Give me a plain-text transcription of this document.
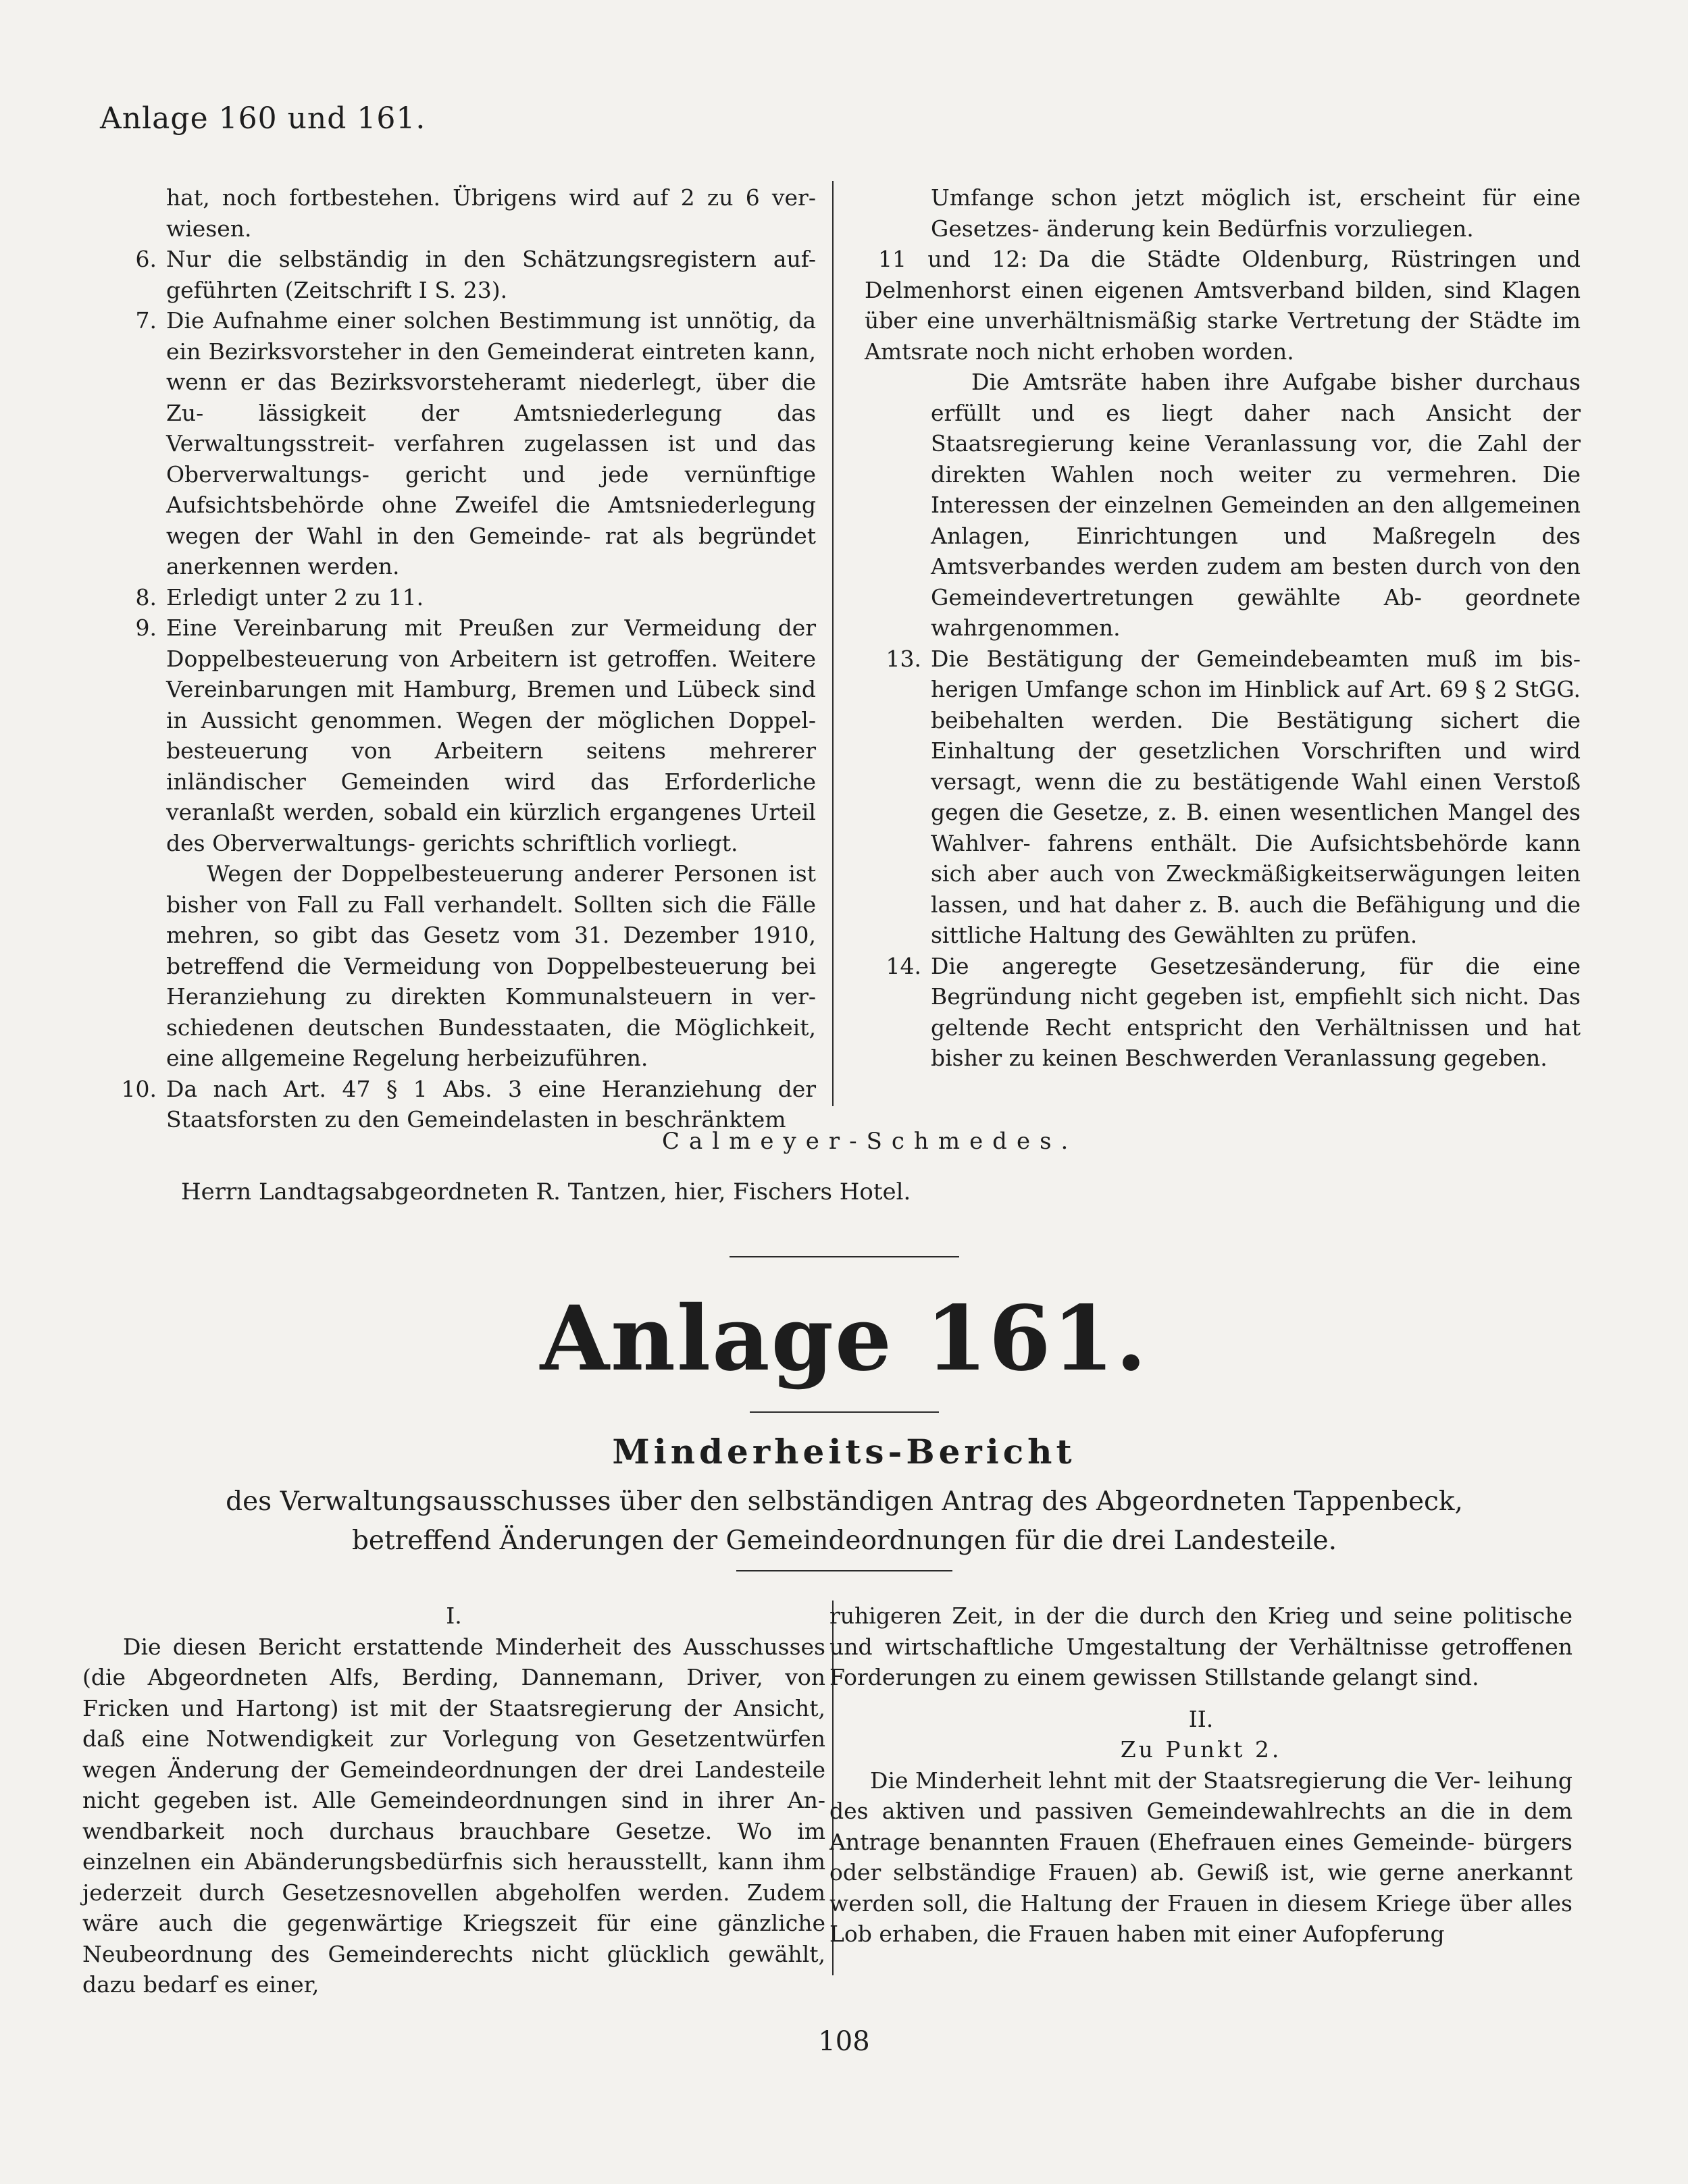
Anlage 160 und 161.
hat, noch fortbestehen. Übrigens wird auf 2 zu 6 ver- wiesen.
6. Nur die selbständig in den Schätzungsregistern auf- geführten (Zeitschrift I S. 23).
7. Die Aufnahme einer solchen Bestimmung ist unnötig, da ein Bezirksvorsteher in den Gemeinderat eintreten kann, wenn er das Bezirksvorsteheramt niederlegt, über die Zu- lässigkeit der Amtsniederlegung das Verwaltungsstreit- verfahren zugelassen ist und das Oberverwaltungs- gericht und jede vernünftige Aufsichtsbehörde ohne Zweifel die Amtsniederlegung wegen der Wahl in den Gemeinde- rat als begründet anerkennen werden.
8. Erledigt unter 2 zu 11.
9. Eine Vereinbarung mit Preußen zur Vermeidung der Doppelbesteuerung von Arbeitern ist getroffen. Weitere Vereinbarungen mit Hamburg, Bremen und Lübeck sind in Aussicht genommen. Wegen der möglichen Doppel- besteuerung von Arbeitern seitens mehrerer inländischer Gemeinden wird das Erforderliche veranlaßt werden, sobald ein kürzlich ergangenes Urteil des Oberverwaltungs- gerichts schriftlich vorliegt.
Wegen der Doppelbesteuerung anderer Personen ist bisher von Fall zu Fall verhandelt. Sollten sich die Fälle mehren, so gibt das Gesetz vom 31. Dezember 1910, betreffend die Vermeidung von Doppelbesteuerung bei Heranziehung zu direkten Kommunalsteuern in ver- schiedenen deutschen Bundesstaaten, die Möglichkeit, eine allgemeine Regelung herbeizuführen.
10. Da nach Art. 47 § 1 Abs. 3 eine Heranziehung der Staatsforsten zu den Gemeindelasten in beschränktem
Umfange schon jetzt möglich ist, erscheint für eine Gesetzes- änderung kein Bedürfnis vorzuliegen.
11 und 12: Da die Städte Oldenburg, Rüstringen und Delmenhorst einen eigenen Amtsverband bilden, sind Klagen über eine unverhältnismäßig starke Vertretung der Städte im Amtsrate noch nicht erhoben worden.
Die Amtsräte haben ihre Aufgabe bisher durchaus erfüllt und es liegt daher nach Ansicht der Staatsregierung keine Veranlassung vor, die Zahl der direkten Wahlen noch weiter zu vermehren. Die Interessen der einzelnen Gemeinden an den allgemeinen Anlagen, Einrichtungen und Maßregeln des Amtsverbandes werden zudem am besten durch von den Gemeindevertretungen gewählte Ab- geordnete wahrgenommen.
13. Die Bestätigung der Gemeindebeamten muß im bis- herigen Umfange schon im Hinblick auf Art. 69 § 2 StGG. beibehalten werden. Die Bestätigung sichert die Einhaltung der gesetzlichen Vorschriften und wird versagt, wenn die zu bestätigende Wahl einen Verstoß gegen die Gesetze, z. B. einen wesentlichen Mangel des Wahlver- fahrens enthält. Die Aufsichtsbehörde kann sich aber auch von Zweckmäßigkeitserwägungen leiten lassen, und hat daher z. B. auch die Befähigung und die sittliche Haltung des Gewählten zu prüfen.
14. Die angeregte Gesetzesänderung, für die eine Begründung nicht gegeben ist, empfiehlt sich nicht. Das geltende Recht entspricht den Verhältnissen und hat bisher zu keinen Beschwerden Veranlassung gegeben.
Calmeyer-Schmedes.
Herrn Landtagsabgeordneten R. Tantzen, hier, Fischers Hotel.
Anlage 161.
Minderheits-Bericht
des Verwaltungsausschusses über den selbständigen Antrag des Abgeordneten Tappenbeck,
betreffend Änderungen der Gemeindeordnungen für die drei Landesteile.
I.
Die diesen Bericht erstattende Minderheit des Ausschusses (die Abgeordneten Alfs, Berding, Dannemann, Driver, von Fricken und Hartong) ist mit der Staatsregierung der Ansicht, daß eine Notwendigkeit zur Vorlegung von Gesetzentwürfen wegen Änderung der Gemeindeordnungen der drei Landesteile nicht gegeben ist. Alle Gemeindeordnungen sind in ihrer An- wendbarkeit noch durchaus brauchbare Gesetze. Wo im einzelnen ein Abänderungsbedürfnis sich herausstellt, kann ihm jederzeit durch Gesetzesnovellen abgeholfen werden. Zudem wäre auch die gegenwärtige Kriegszeit für eine gänzliche Neubeordnung des Gemeinderechts nicht glücklich gewählt, dazu bedarf es einer,
ruhigeren Zeit, in der die durch den Krieg und seine politische und wirtschaftliche Umgestaltung der Verhältnisse getroffenen Forderungen zu einem gewissen Stillstande gelangt sind.
II.
Zu Punkt 2.
Die Minderheit lehnt mit der Staatsregierung die Ver- leihung des aktiven und passiven Gemeindewahlrechts an die in dem Antrage benannten Frauen (Ehefrauen eines Gemeinde- bürgers oder selbständige Frauen) ab. Gewiß ist, wie gerne anerkannt werden soll, die Haltung der Frauen in diesem Kriege über alles Lob erhaben, die Frauen haben mit einer Aufopferung
108
